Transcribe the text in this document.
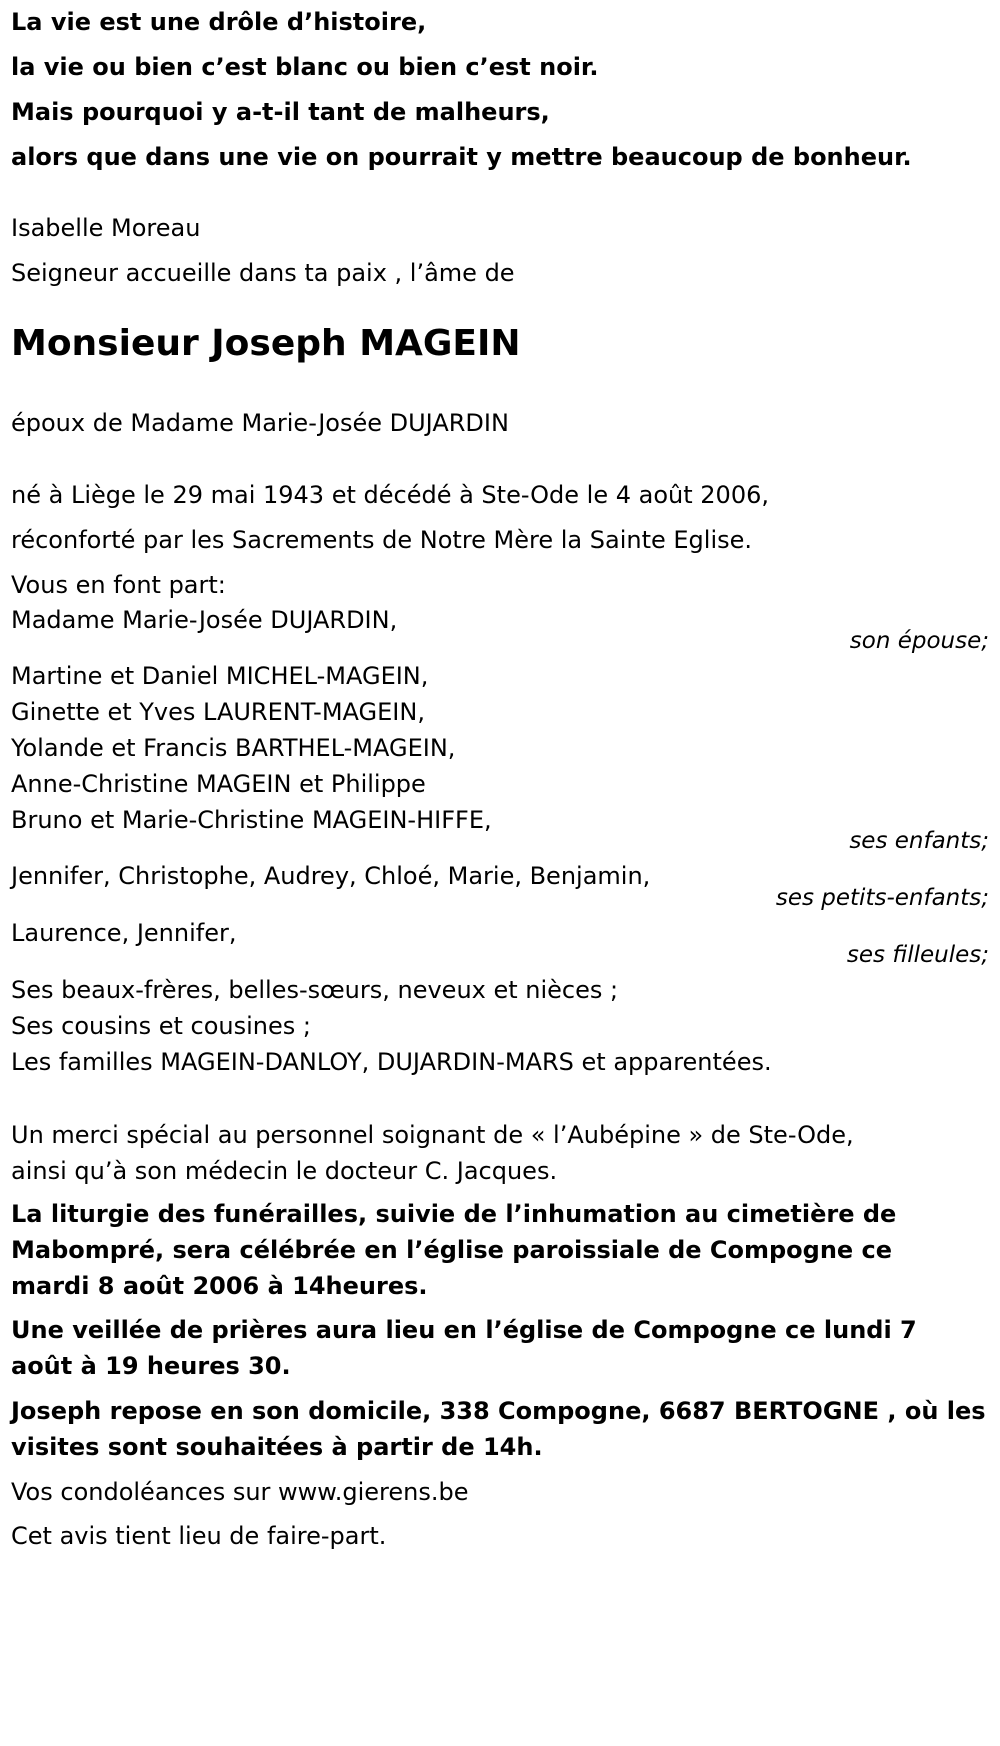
La vie est une drôle d’histoire,
la vie ou bien c’est blanc ou bien c’est noir.
Mais pourquoi y a-t-il tant de malheurs,
alors que dans une vie on pourrait y mettre beaucoup de bonheur.
Isabelle Moreau
Seigneur accueille dans ta paix , l’âme de
Monsieur Joseph MAGEIN
époux de Madame Marie-Josée DUJARDIN
né à Liège le 29 mai 1943 et décédé à Ste-Ode le 4 août 2006,
réconforté par les Sacrements de Notre Mère la Sainte Eglise.
Vous en font part:
Madame Marie-Josée DUJARDIN,
son épouse;
Martine et Daniel MICHEL-MAGEIN,
Ginette et Yves LAURENT-MAGEIN,
Yolande et Francis BARTHEL-MAGEIN,
Anne-Christine MAGEIN et Philippe
Bruno et Marie-Christine MAGEIN-HIFFE,
ses enfants;
Jennifer, Christophe, Audrey, Chloé, Marie, Benjamin,
ses petits-enfants;
Laurence, Jennifer,
ses filleules;
Ses beaux-frères, belles-sœurs, neveux et nièces ;
Ses cousins et cousines ;
Les familles MAGEIN-DANLOY, DUJARDIN-MARS et apparentées.
Un merci spécial au personnel soignant de « l’Aubépine » de Ste-Ode,
ainsi qu’à son médecin le docteur C. Jacques.
La liturgie des funérailles, suivie de l’inhumation au cimetière de
Mabompré, sera célébrée en l’église paroissiale de Compogne ce
mardi 8 août 2006 à 14heures.
Une veillée de prières aura lieu en l’église de Compogne ce lundi 7
août à 19 heures 30.
Joseph repose en son domicile, 338 Compogne, 6687 BERTOGNE , où les
visites sont souhaitées à partir de 14h.
Vos condoléances sur www.gierens.be
Cet avis tient lieu de faire-part.
